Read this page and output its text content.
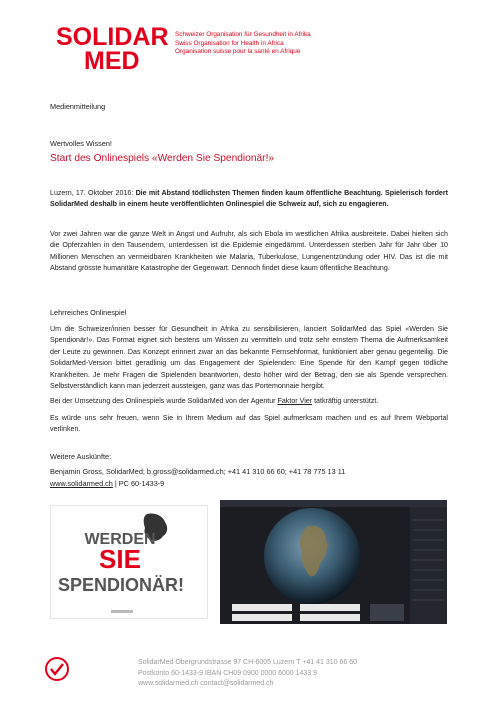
SOLIDAR
MED
Schweizer Organisation für Gesundheit in Afrika
Swiss Organisation for Health in Africa
Organisation suisse pour la santé en Afrique
Medienmitteilung
Wertvolles Wissen!
Start des Onlinespiels «Werden Sie Spendionär!»
Luzern, 17. Oktober 2016: Die mit Abstand tödlichsten Themen finden kaum öffentliche Beachtung. Spielerisch fordert SolidarMed deshalb in einem heute veröffentlichten Onlinespiel die Schweiz auf, sich zu engagieren.
Vor zwei Jahren war die ganze Welt in Angst und Aufruhr, als sich Ebola im westlichen Afrika ausbreitete. Dabei hielten sich die Opferzahlen in den Tausendern, unterdessen ist die Epidemie eingedämmt. Unterdessen sterben Jahr für Jahr über 10 Millionen Menschen an vermeidbaren Krankheiten wie Malaria, Tuberkulose, Lungenentzündung oder HIV. Das ist die mit Abstand grösste humanitäre Katastrophe der Gegenwart. Dennoch findet diese kaum öffentliche Beachtung.
Lehrreiches Onlinespiel
Um die Schweizer/innen besser für Gesundheit in Afrika zu sensibilisieren, lanciert SolidarMed das Spiel «Werden Sie Spendionär!». Das Format eignet sich bestens um Wissen zu vermitteln und trotz sehr ernstem Thema die Aufmerksamkeit der Leute zu gewinnen. Das Konzept erinnert zwar an das bekannte Fernsehformat, funktioniert aber genau gegenteilig. Die SolidarMed-Version bittet geradlinig um das Engagement der Spielenden: Eine Spende für den Kampf gegen tödliche Krankheiten. Je mehr Fragen die Spielenden beantworten, desto höher wird der Betrag, den sie als Spende versprechen. Selbstverständlich kann man jederzeit aussteigen, ganz was das Portemonnaie hergibt.
Bei der Umsetzung des Onlinespiels wurde SolidarMed von der Agentur Faktor Vier tatkräftig unterstützt.
Es würde uns sehr freuen, wenn Sie in Ihrem Medium auf das Spiel aufmerksam machen und es auf Ihrem Webportal verlinken.
Weitere Auskünfte:
Benjamin Gross, SolidarMed; b.gross@solidarmed.ch; +41 41 310 66 60; +41 78 775 13 11
www.solidarmed.ch | PC 60-1433-9
WERDEN
SIE
SPENDIONÄR!
SolidarMed Obergrundstrasse 97 CH-6005 Luzern T +41 41 310 66 60
Postkonto 60-1433-9 IBAN CH09 0900 0000 6000 1433 9
www.solidarmed.ch contact@solidarmed.ch
